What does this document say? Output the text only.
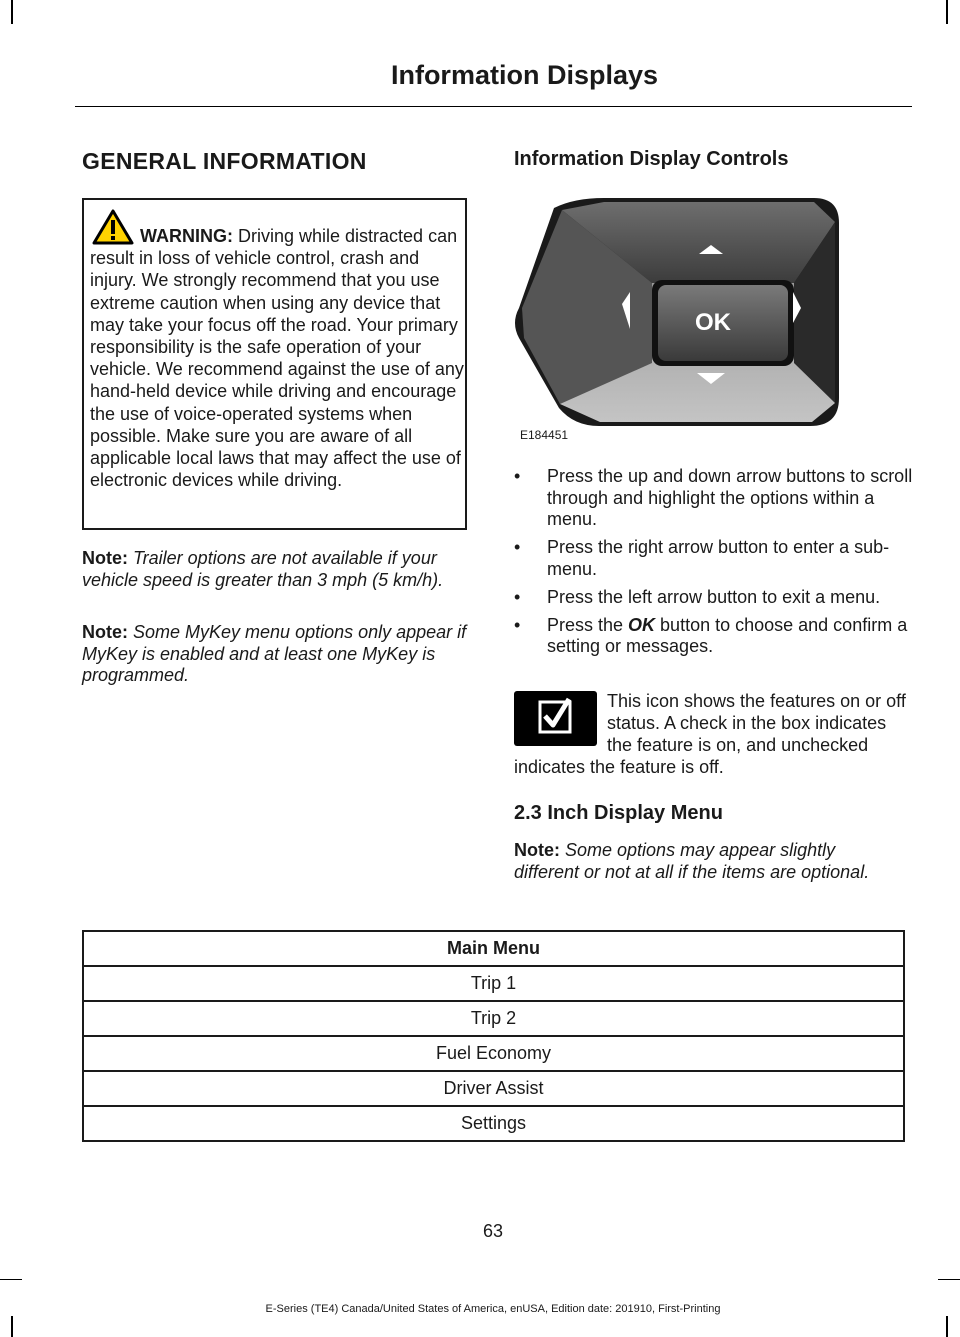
Information Displays
GENERAL INFORMATION

WARNING: Driving while distracted can result in loss of vehicle control, crash and injury. We strongly recommend that you use extreme caution when using any device that may take your focus off the road. Your primary responsibility is the safe operation of your vehicle. We recommend against the use of any hand-held device while driving and encourage the use of voice-operated systems when possible. Make sure you are aware of all applicable local laws that may affect the use of electronic devices while driving.

Note: Trailer options are not available if your vehicle speed is greater than 3 mph (5 km/h).

Note: Some MyKey menu options only appear if MyKey is enabled and at least one MyKey is programmed.

Information Display Controls
OK
E184451
• Press the up and down arrow buttons to scroll through and highlight the options within a menu.
• Press the right arrow button to enter a sub-menu.
• Press the left arrow button to exit a menu.
• Press the OK button to choose and confirm a setting or messages.

This icon shows the features on or off status. A check in the box indicates the feature is on, and unchecked indicates the feature is off.

2.3 Inch Display Menu

Note: Some options may appear slightly different or not at all if the items are optional.

Main Menu
Trip 1
Trip 2
Fuel Economy
Driver Assist
Settings
63
E-Series (TE4) Canada/United States of America, enUSA, Edition date: 201910, First-Printing
